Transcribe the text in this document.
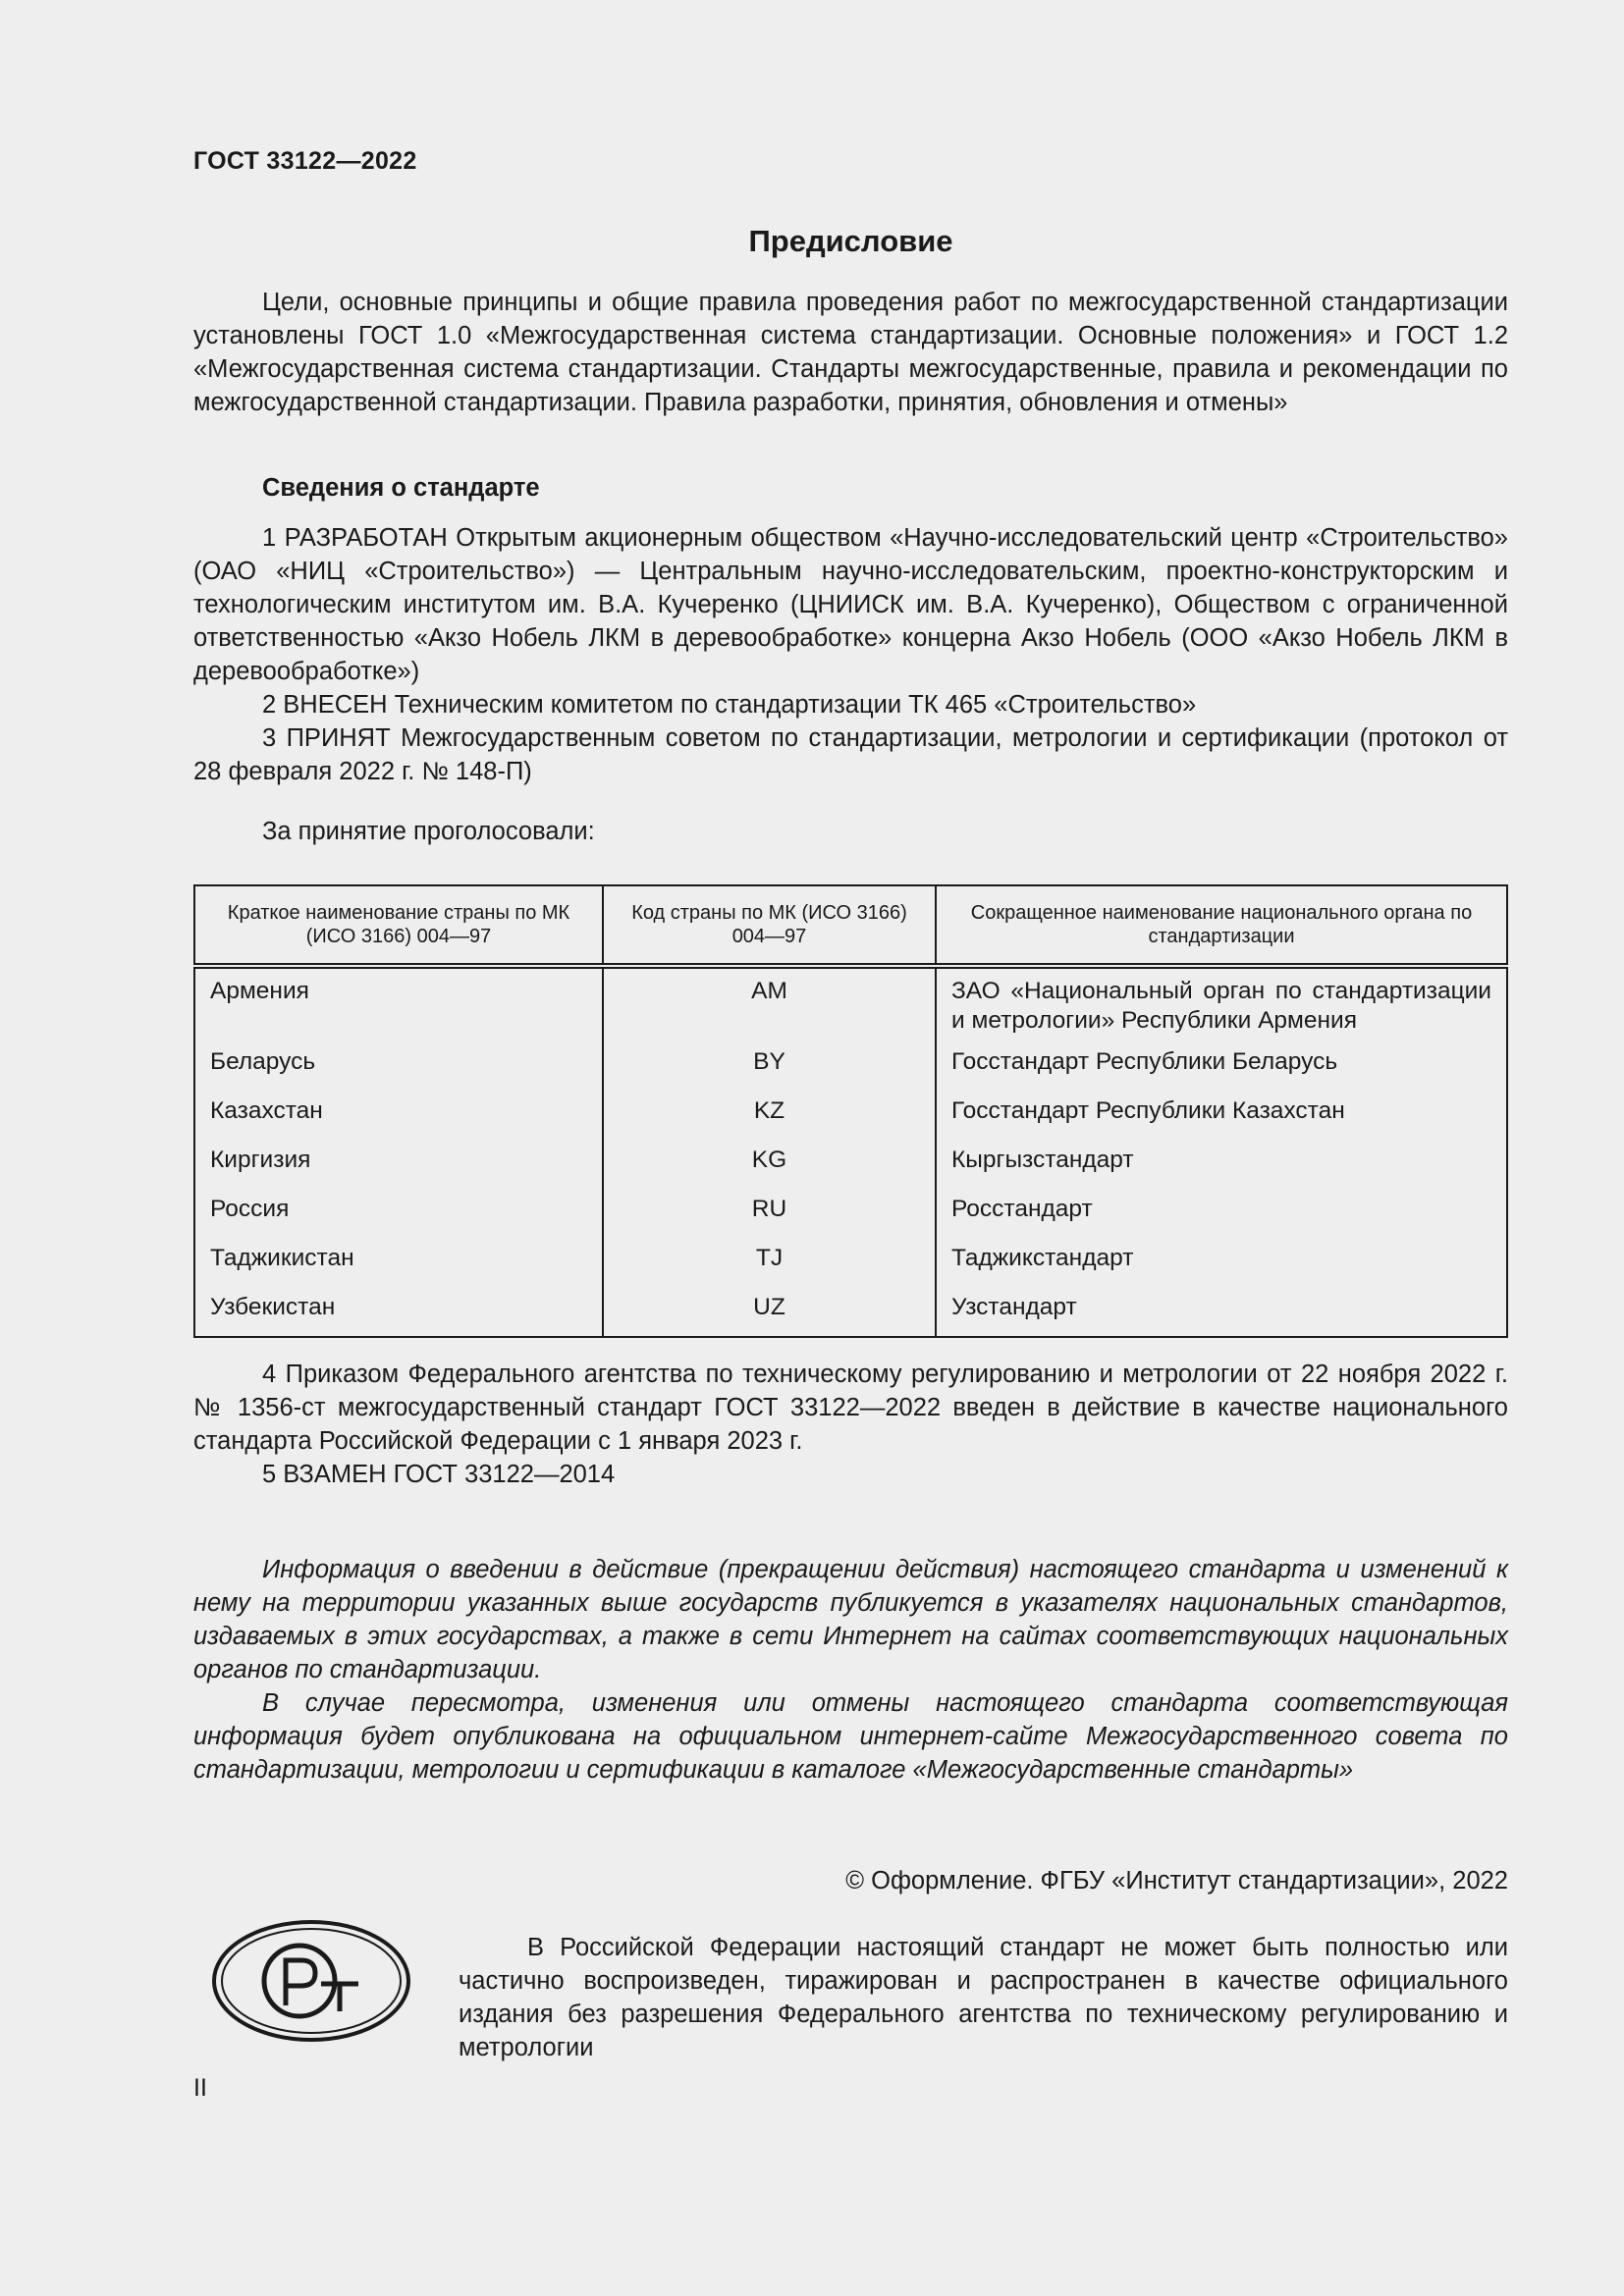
ГОСТ 33122—2022
Предисловие

Цели, основные принципы и общие правила проведения работ по межгосударственной стандартизации установлены ГОСТ 1.0 «Межгосударственная система стандартизации. Основные положения» и ГОСТ 1.2 «Межгосударственная система стандартизации. Стандарты межгосударственные, правила и рекомендации по межгосударственной стандартизации. Правила разработки, принятия, обновления и отмены»

Сведения о стандарте

1 РАЗРАБОТАН Открытым акционерным обществом «Научно-исследовательский центр «Строительство» (ОАО «НИЦ «Строительство») — Центральным научно-исследовательским, проектно-конструкторским и технологическим институтом им. В.А. Кучеренко (ЦНИИСК им. В.А. Кучеренко), Обществом с ограниченной ответственностью «Акзо Нобель ЛКМ в деревообработке» концерна Акзо Нобель (ООО «Акзо Нобель ЛКМ в деревообработке»)

2 ВНЕСЕН Техническим комитетом по стандартизации ТК 465 «Строительство»

3 ПРИНЯТ Межгосударственным советом по стандартизации, метрологии и сертификации (протокол от 28 февраля 2022 г. № 148-П)

За принятие проголосовали:

Краткое наименование страны по МК (ИСО 3166) 004—97	Код страны по МК (ИСО 3166) 004—97	Сокращенное наименование национального органа по стандартизации
Армения	AM	ЗАО «Национальный орган по стандартизации и метрологии» Республики Армения
Беларусь	BY	Госстандарт Республики Беларусь
Казахстан	KZ	Госстандарт Республики Казахстан
Киргизия	KG	Кыргызстандарт
Россия	RU	Росстандарт
Таджикистан	TJ	Таджикстандарт
Узбекистан	UZ	Узстандарт

4 Приказом Федерального агентства по техническому регулированию и метрологии от 22 ноября 2022 г. № 1356-ст межгосударственный стандарт ГОСТ 33122—2022 введен в действие в качестве национального стандарта Российской Федерации с 1 января 2023 г.

5 ВЗАМЕН ГОСТ 33122—2014

Информация о введении в действие (прекращении действия) настоящего стандарта и изменений к нему на территории указанных выше государств публикуется в указателях национальных стандартов, издаваемых в этих государствах, а также в сети Интернет на сайтах соответствующих национальных органов по стандартизации.

В случае пересмотра, изменения или отмены настоящего стандарта соответствующая информация будет опубликована на официальном интернет-сайте Межгосударственного совета по стандартизации, метрологии и сертификации в каталоге «Межгосударственные стандарты»

© Оформление. ФГБУ «Институт стандартизации», 2022

В Российской Федерации настоящий стандарт не может быть полностью или частично воспроизведен, тиражирован и распространен в качестве официального издания без разрешения Федерального агентства по техническому регулированию и метрологии

II
